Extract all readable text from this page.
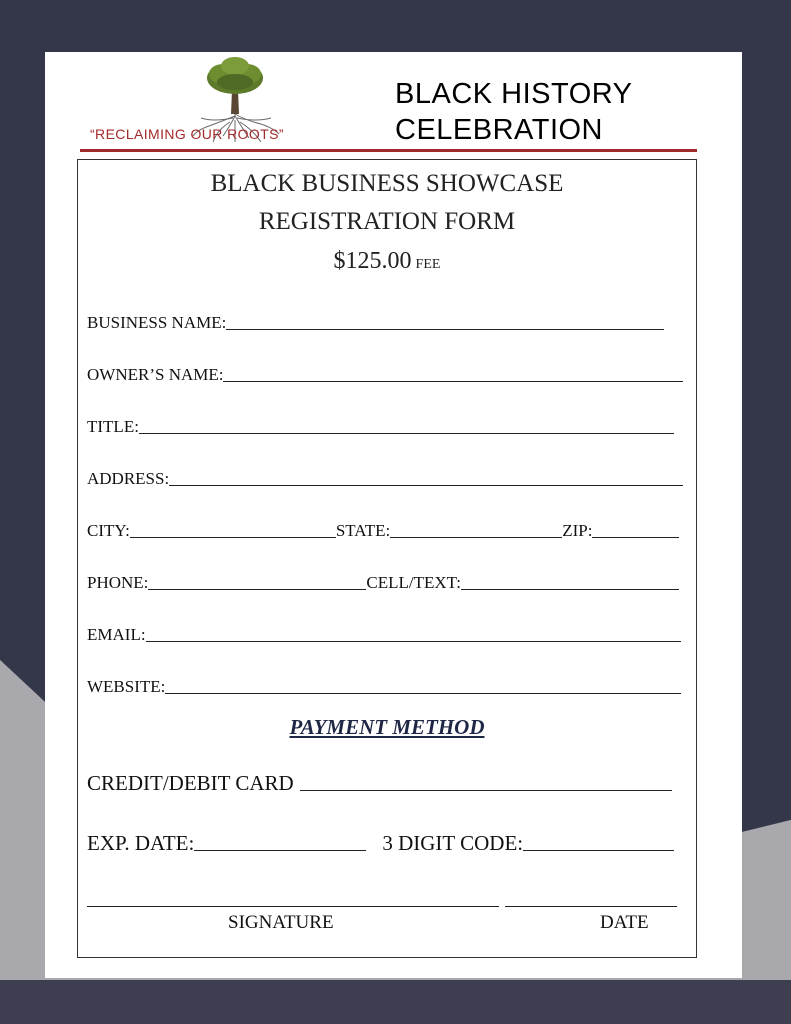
“RECLAIMING OUR ROOTS”
BLACK HISTORY
CELEBRATION
BLACK BUSINESS SHOWCASE
REGISTRATION FORM
$125.00 FEE
BUSINESS NAME:
OWNER’S NAME:
TITLE:
ADDRESS:
CITY:	STATE:	ZIP:
PHONE:	CELL/TEXT:
EMAIL:
WEBSITE:
PAYMENT METHOD
CREDIT/DEBIT CARD
EXP. DATE:	3 DIGIT CODE:
SIGNATURE	DATE
